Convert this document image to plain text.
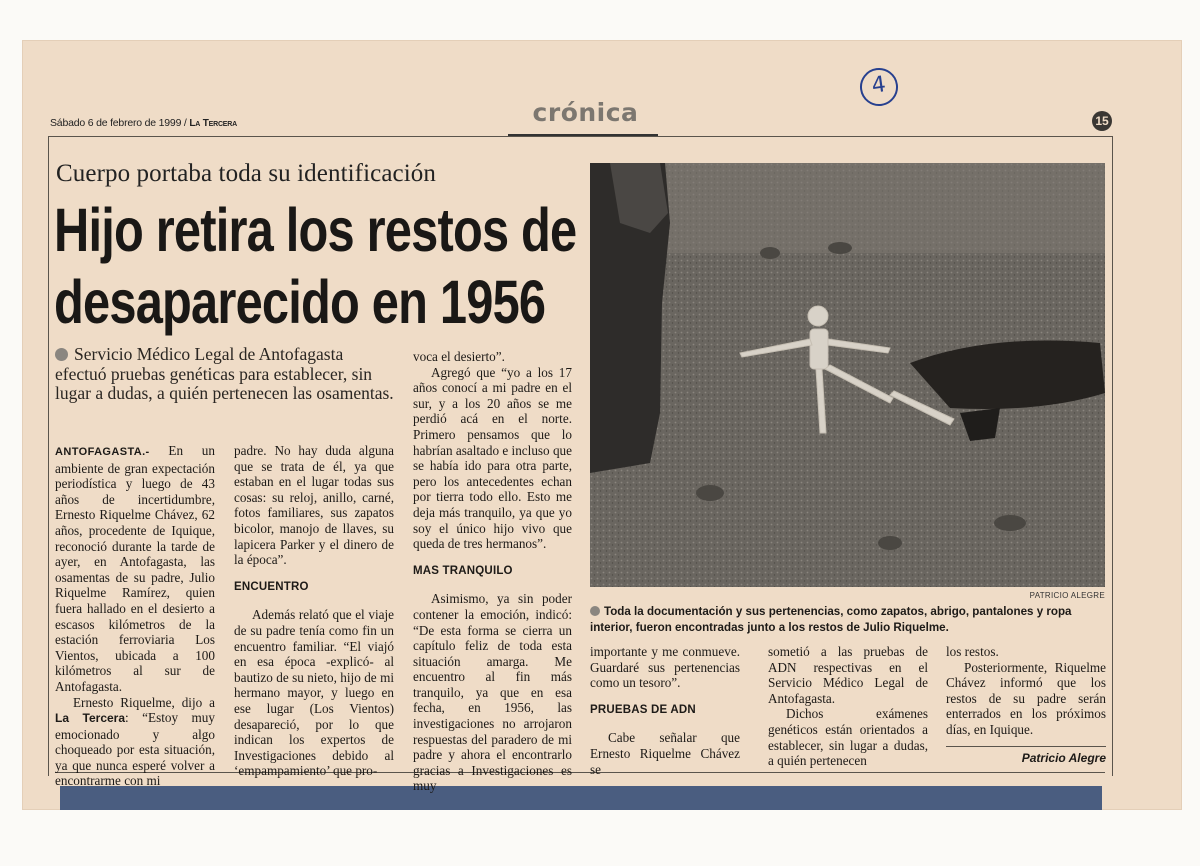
4
Sábado 6 de febrero de 1999 / La Tercera	crónica	15
Cuerpo portaba toda su identificación
Hijo retira los restos de
desaparecido en 1956
Servicio Médico Legal de Antofagasta efectuó pruebas genéticas para establecer, sin lugar a dudas, a quién pertenecen las osamentas.

ANTOFAGASTA.- En un ambiente de gran expectación periodística y luego de 43 años de incertidumbre, Ernesto Riquelme Chávez, 62 años, procedente de Iquique, reconoció durante la tarde de ayer, en Antofagasta, las osamentas de su padre, Julio Riquelme Ramírez, quien fuera hallado en el desierto a escasos kilómetros de la estación ferroviaria Los Vientos, ubicada a 100 kilómetros al sur de Antofagasta.

Ernesto Riquelme, dijo a La Tercera: “Estoy muy emocionado y algo choqueado por esta situación, ya que nunca esperé volver a encontrarme con mi

padre. No hay duda alguna que se trata de él, ya que estaban en el lugar todas sus cosas: su reloj, anillo, carné, fotos familiares, sus zapatos bicolor, manojo de llaves, su lapicera Parker y el dinero de la época”.

ENCUENTRO

Además relató que el viaje de su padre tenía como fin un encuentro familiar. “El viajó en esa época -explicó- al bautizo de su nieto, hijo de mi hermano mayor, y luego en ese lugar (Los Vientos) desapareció, por lo que indican los expertos de Investigaciones debido al ‘empampamiento’ que pro-

voca el desierto”.

Agregó que “yo a los 17 años conocí a mi padre en el sur, y a los 20 años se me perdió acá en el norte. Primero pensamos que lo habrían asaltado e incluso que se había ido para otra parte, pero los antecedentes echan por tierra todo ello. Esto me deja más tranquilo, ya que yo soy el único hijo vivo que queda de tres hermanos”.

MAS TRANQUILO

Asimismo, ya sin poder contener la emoción, indicó: “De esta forma se cierra un capítulo feliz de toda esta situación amarga. Me encuentro al fin más tranquilo, ya que en esa fecha, en 1956, las investigaciones no arrojaron respuestas del paradero de mi padre y ahora el encontrarlo gracias a Investigaciones es muy

PATRICIO ALEGRE
Toda la documentación y sus pertenencias, como zapatos, abrigo, pantalones y ropa interior, fueron encontradas junto a los restos de Julio Riquelme.

importante y me conmueve. Guardaré sus pertenencias como un tesoro”.

PRUEBAS DE ADN

Cabe señalar que Ernesto Riquelme Chávez se

sometió a las pruebas de ADN respectivas en el Servicio Médico Legal de Antofagasta.

Dichos exámenes genéticos están orientados a establecer, sin lugar a dudas, a quién pertenecen

los restos.

Posteriormente, Riquelme Chávez informó que los restos de su padre serán enterrados en los próximos días, en Iquique.

Patricio Alegre
